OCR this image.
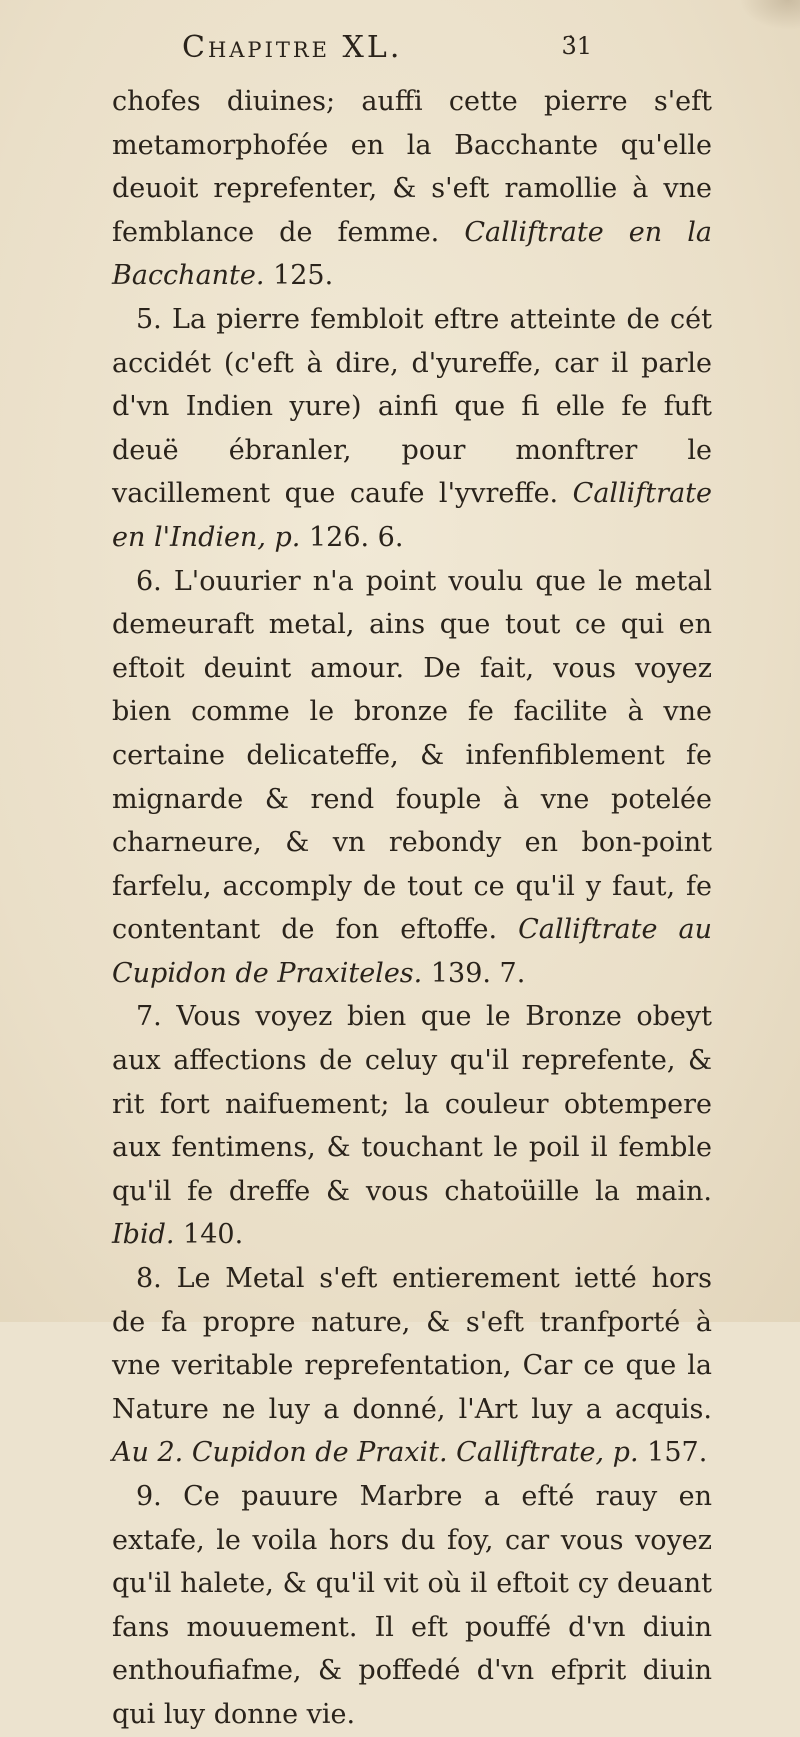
Chapitre XL.	3̇1

chofes diuines; auffi cette pierre s'eft metamorphofée en la Bacchante qu'elle deuoit reprefenter, & s'eft ramollie à vne femblance de femme. Calliftrate en la Bacchante. 125.

5. La pierre fembloit eftre atteinte de cét accidét (c'eft à dire, d'yureffe, car il parle d'vn Indien yure) ainfi que fi elle fe fuft deuë ébranler, pour monftrer le vacillement que caufe l'yvreffe. Calliftrate en l'Indien, p. 126. 6.

6. L'ouurier n'a point voulu que le metal demeuraft metal, ains que tout ce qui en eftoit deuint amour. De fait, vous voyez bien comme le bronze fe facilite à vne certaine delicateffe, & infenfiblement fe mignarde & rend fouple à vne potelée charneure, & vn rebondy en bon-point farfelu, accomply de tout ce qu'il y faut, fe contentant de fon eftoffe. Calliftrate au Cupidon de Praxiteles. 139. 7.

7. Vous voyez bien que le Bronze obeyt aux affections de celuy qu'il reprefente, & rit fort naifuement; la couleur obtempere aux fentimens, & touchant le poil il femble qu'il fe dreffe & vous chatoüille la main. Ibid. 140.

8. Le Metal s'eft entierement ietté hors de fa propre nature, & s'eft tranfporté à vne veritable reprefentation, Car ce que la Nature ne luy a donné, l'Art luy a acquis. Au 2. Cupidon de Praxit. Calliftrate, p. 157.

9. Ce pauure Marbre a efté rauy en extafe, le voila hors du foy, car vous voyez qu'il halete, & qu'il vit où il eftoit cy deuant fans mouuement. Il eft pouffé d'vn diuin enthoufiafme, & poffedé d'vn efprit diuin qui luy donne vie.
